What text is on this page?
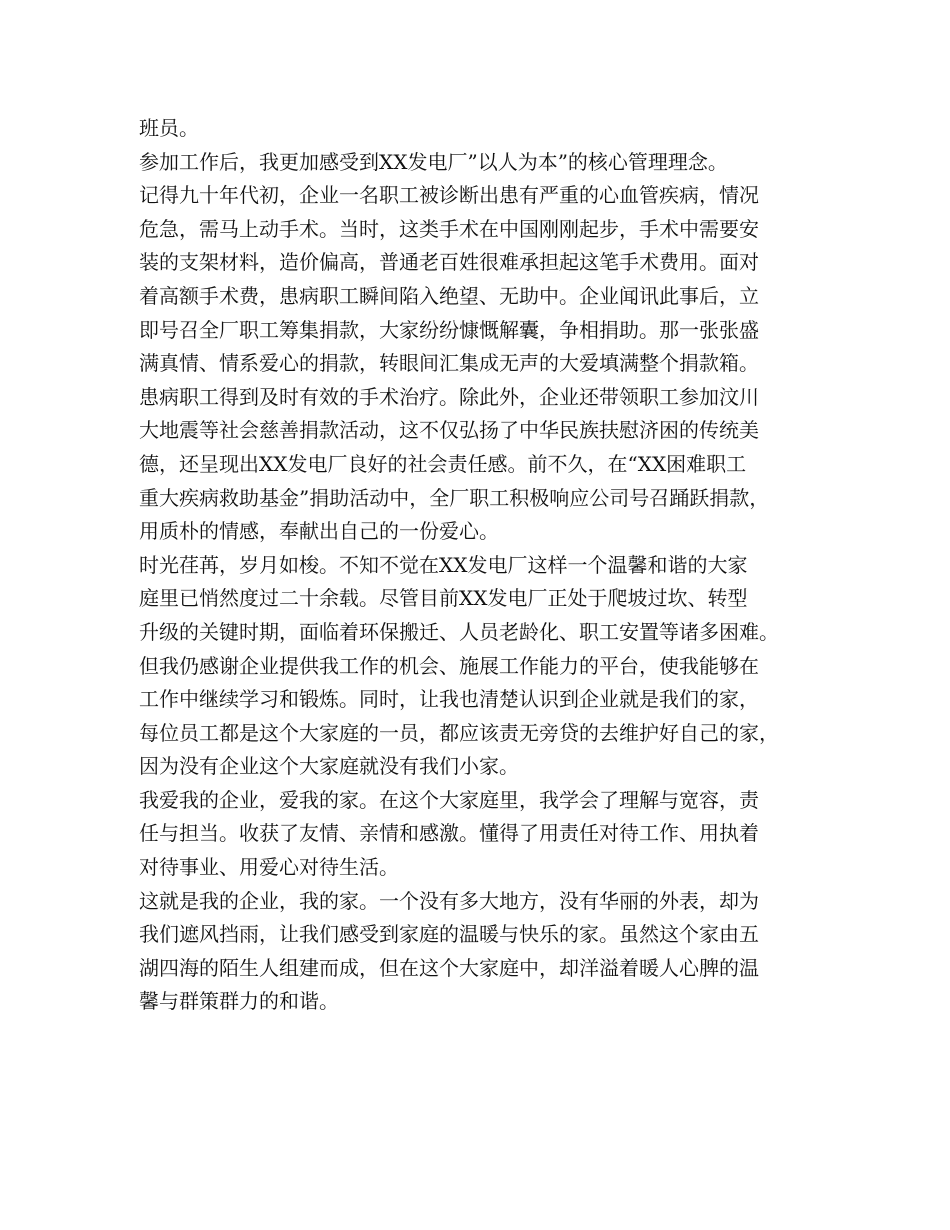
班员。
参加工作后，我更加感受到XX发电厂”以人为本”的核心管理理念。
记得九十年代初，企业一名职工被诊断出患有严重的心血管疾病，情况
危急，需马上动手术。当时，这类手术在中国刚刚起步，手术中需要安
装的支架材料，造价偏高，普通老百姓很难承担起这笔手术费用。面对
着高额手术费，患病职工瞬间陷入绝望、无助中。企业闻讯此事后，立
即号召全厂职工筹集捐款，大家纷纷慷慨解囊，争相捐助。那一张张盛
满真情、情系爱心的捐款，转眼间汇集成无声的大爱填满整个捐款箱。
患病职工得到及时有效的手术治疗。除此外，企业还带领职工参加汶川
大地震等社会慈善捐款活动，这不仅弘扬了中华民族扶慰济困的传统美
德，还呈现出XX发电厂良好的社会责任感。前不久，在“XX困难职工
重大疾病救助基金”捐助活动中，全厂职工积极响应公司号召踊跃捐款，
用质朴的情感，奉献出自己的一份爱心。
时光荏苒，岁月如梭。不知不觉在XX发电厂这样一个温馨和谐的大家
庭里已悄然度过二十余载。尽管目前XX发电厂正处于爬坡过坎、转型
升级的关键时期，面临着环保搬迁、人员老龄化、职工安置等诸多困难。
但我仍感谢企业提供我工作的机会、施展工作能力的平台，使我能够在
工作中继续学习和锻炼。同时，让我也清楚认识到企业就是我们的家，
每位员工都是这个大家庭的一员，都应该责无旁贷的去维护好自己的家，
因为没有企业这个大家庭就没有我们小家。
我爱我的企业，爱我的家。在这个大家庭里，我学会了理解与宽容，责
任与担当。收获了友情、亲情和感激。懂得了用责任对待工作、用执着
对待事业、用爱心对待生活。
这就是我的企业，我的家。一个没有多大地方，没有华丽的外表，却为
我们遮风挡雨，让我们感受到家庭的温暖与快乐的家。虽然这个家由五
湖四海的陌生人组建而成，但在这个大家庭中，却洋溢着暖人心脾的温
馨与群策群力的和谐。
